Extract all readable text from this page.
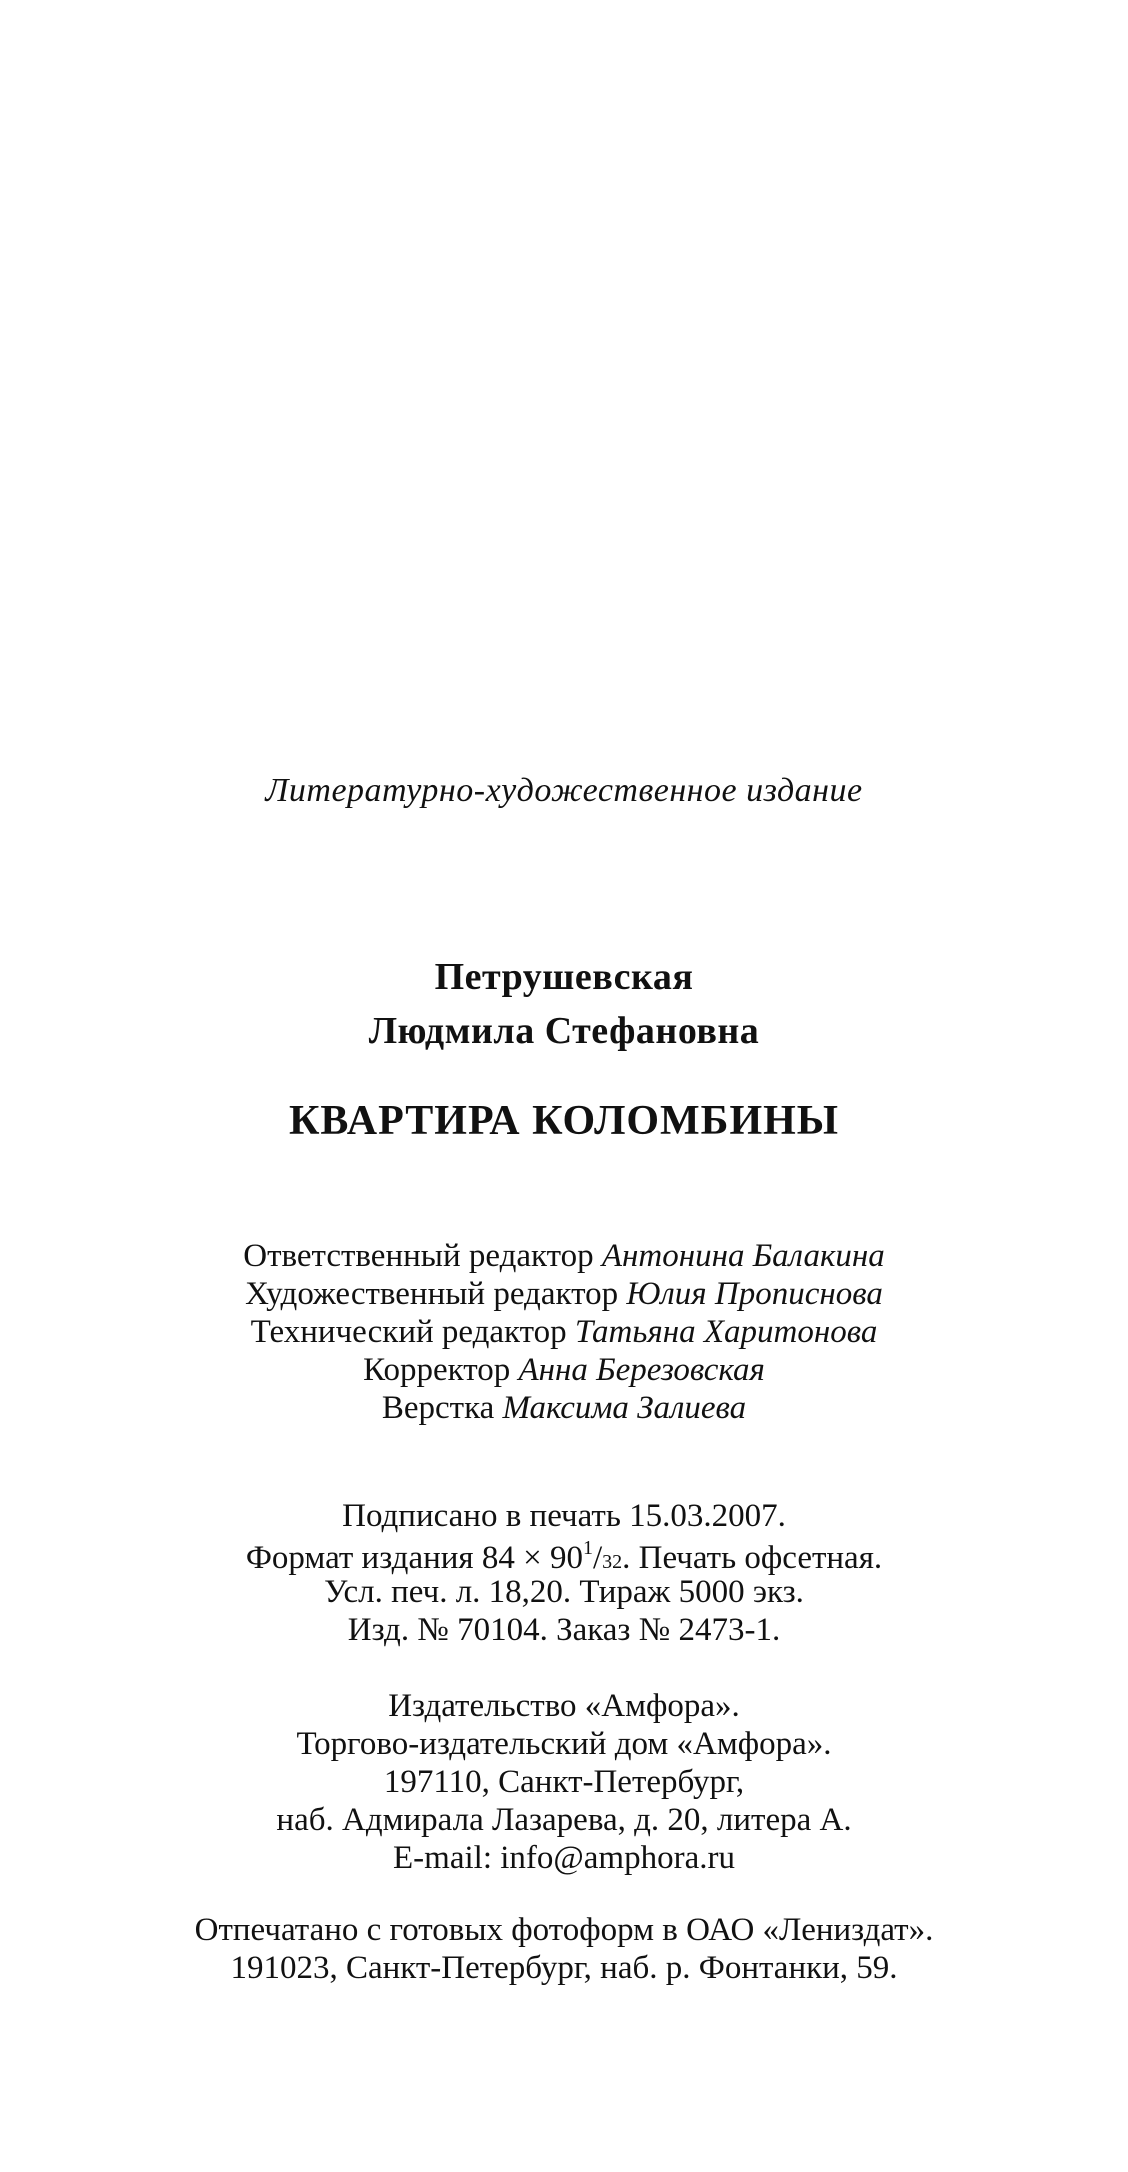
Литературно-художественное издание
Петрушевская
Людмила Стефановна
КВАРТИРА КОЛОМБИНЫ
Ответственный редактор Антонина Балакина
Художественный редактор Юлия Прописнова
Технический редактор Татьяна Харитонова
Корректор Анна Березовская
Верстка Максима Залиева
Подписано в печать 15.03.2007.
Формат издания $84 \times 90^1/32$. Печать офсетная.
Усл. печ. л. 18,20. Тираж 5000 экз.
Изд. № 70104. Заказ № 2473-1.
Издательство «Амфора».
Торгово-издательский дом «Амфора».
197110, Санкт-Петербург,
наб. Адмирала Лазарева, д. 20, литера А.
E-mail: info@amphora.ru
Отпечатано с готовых фотоформ в ОАО «Лениздат».
191023, Санкт-Петербург, наб. р. Фонтанки, 59.
